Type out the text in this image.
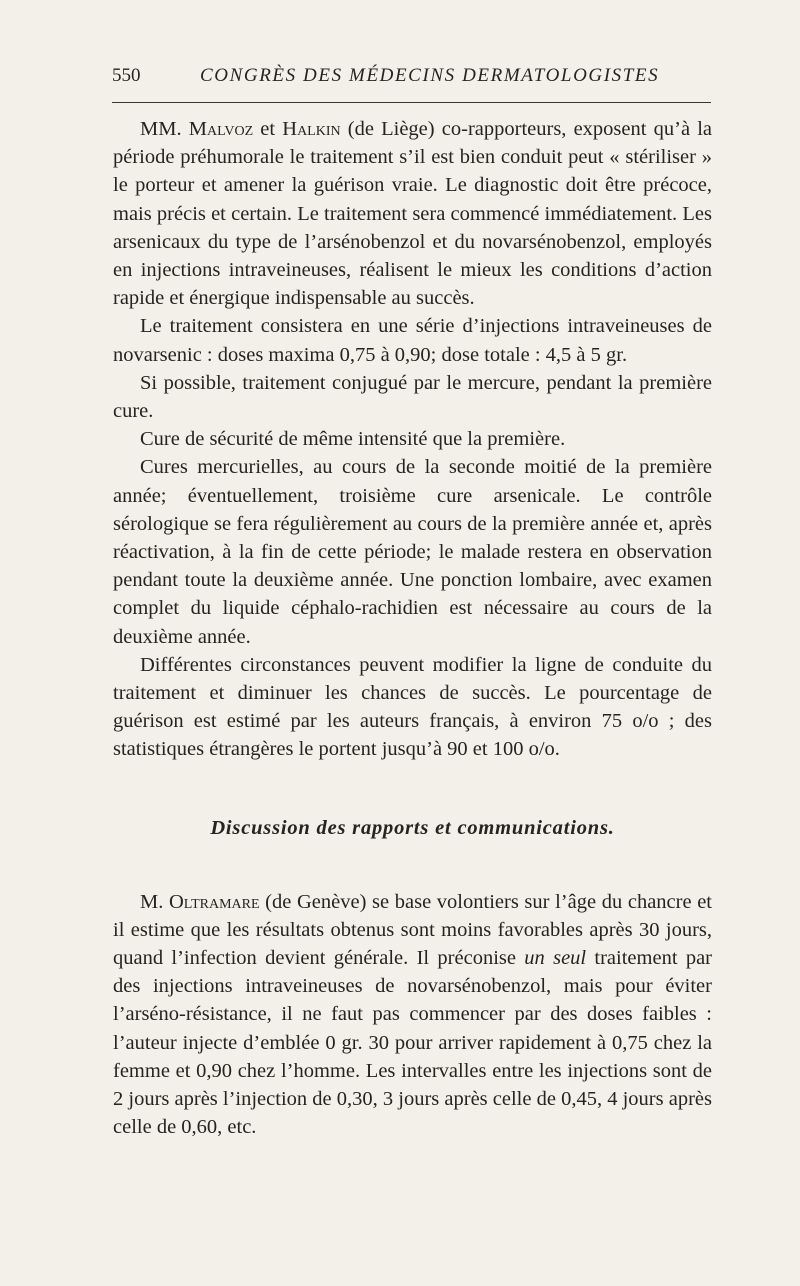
550	CONGRÈS DES MÉDECINS DERMATOLOGISTES

MM. Malvoz et Halkin (de Liège) co-rapporteurs, exposent qu’à la période préhumorale le traitement s’il est bien conduit peut « stériliser » le porteur et amener la guérison vraie. Le diagnostic doit être précoce, mais précis et certain. Le traitement sera commencé immédiatement. Les arsenicaux du type de l’arsénobenzol et du novarsénobenzol, employés en injections intraveineuses, réalisent le mieux les conditions d’action rapide et énergique indispensable au succès.

Le traitement consistera en une série d’injections intraveineuses de novarsenic : doses maxima 0,75 à 0,90; dose totale : 4,5 à 5 gr.

Si possible, traitement conjugué par le mercure, pendant la première cure.

Cure de sécurité de même intensité que la première.

Cures mercurielles, au cours de la seconde moitié de la première année; éventuellement, troisième cure arsenicale. Le contrôle sérologique se fera régulièrement au cours de la première année et, après réactivation, à la fin de cette période; le malade restera en observation pendant toute la deuxième année. Une ponction lombaire, avec examen complet du liquide céphalo-rachidien est nécessaire au cours de la deuxième année.

Différentes circonstances peuvent modifier la ligne de conduite du traitement et diminuer les chances de succès. Le pourcentage de guérison est estimé par les auteurs français, à environ 75 o/o ; des statistiques étrangères le portent jusqu’à 90 et 100 o/o.

Discussion des rapports et communications.

M. Oltramare (de Genève) se base volontiers sur l’âge du chancre et il estime que les résultats obtenus sont moins favorables après 30 jours, quand l’infection devient générale. Il préconise un seul traitement par des injections intraveineuses de novarsénobenzol, mais pour éviter l’arséno-résistance, il ne faut pas commencer par des doses faibles : l’auteur injecte d’emblée 0 gr. 30 pour arriver rapidement à 0,75 chez la femme et 0,90 chez l’homme. Les intervalles entre les injections sont de 2 jours après l’injection de 0,30, 3 jours après celle de 0,45, 4 jours après celle de 0,60, etc.
